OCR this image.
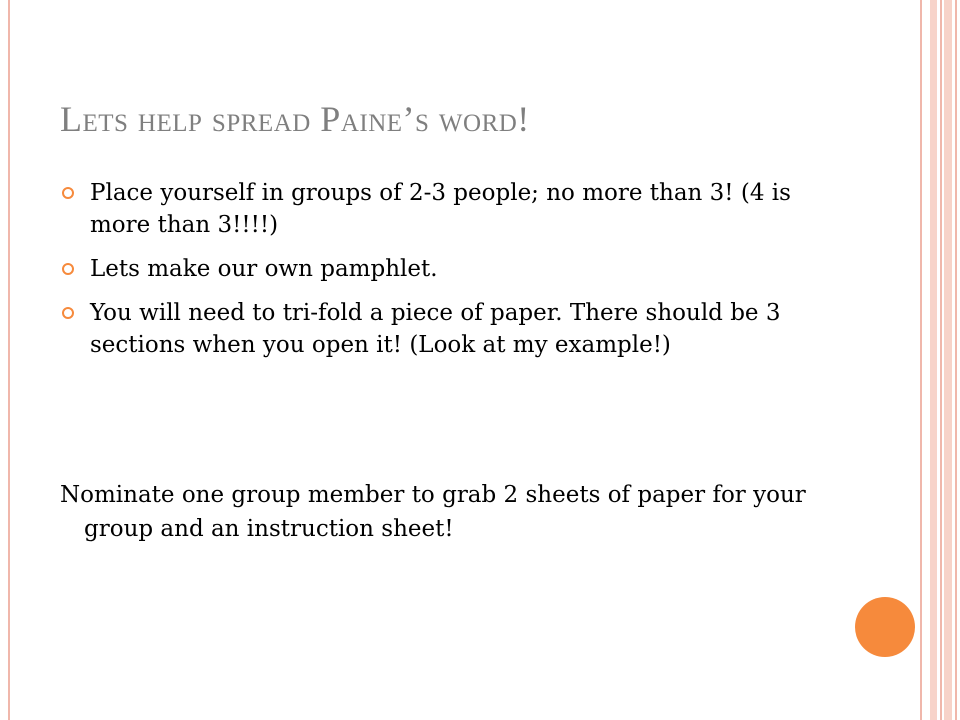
Lets help spread Paine’s word!
Place yourself in groups of 2-3 people; no more than 3! (4 is more than 3!!!!)
Lets make our own pamphlet.
You will need to tri-fold a piece of paper. There should be 3 sections when you open it! (Look at my example!)

Nominate one group member to grab 2 sheets of paper for your group and an instruction sheet!
